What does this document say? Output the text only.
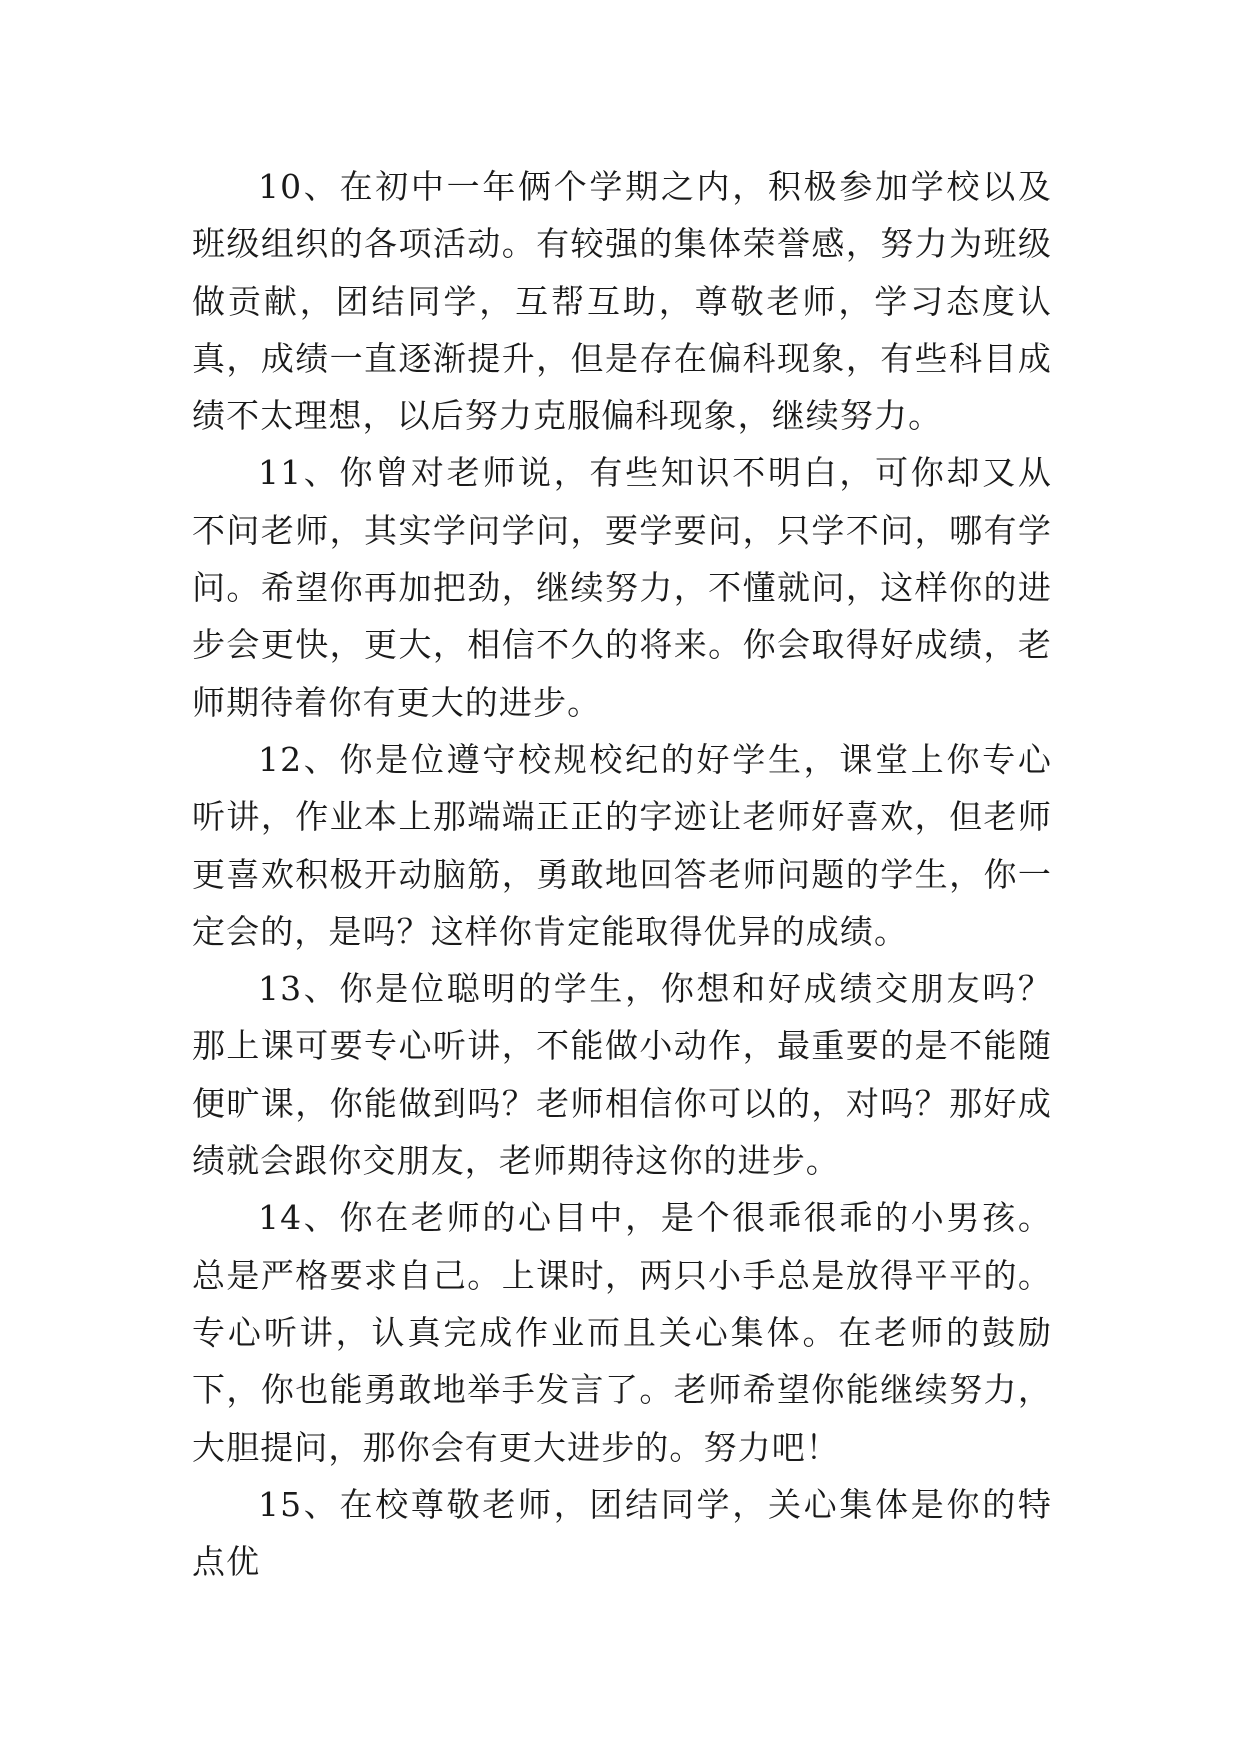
10、在初中一年俩个学期之内，积极参加学校以及班级组织的各项活动。有较强的集体荣誉感，努力为班级做贡献，团结同学，互帮互助，尊敬老师，学习态度认真，成绩一直逐渐提升，但是存在偏科现象，有些科目成绩不太理想，以后努力克服偏科现象，继续努力。

11、你曾对老师说，有些知识不明白，可你却又从不问老师，其实学问学问，要学要问，只学不问，哪有学问。希望你再加把劲，继续努力，不懂就问，这样你的进步会更快，更大，相信不久的将来。你会取得好成绩，老师期待着你有更大的进步。

12、你是位遵守校规校纪的好学生，课堂上你专心听讲，作业本上那端端正正的字迹让老师好喜欢，但老师更喜欢积极开动脑筋，勇敢地回答老师问题的学生，你一定会的，是吗？这样你肯定能取得优异的成绩。

13、你是位聪明的学生，你想和好成绩交朋友吗？那上课可要专心听讲，不能做小动作，最重要的是不能随便旷课，你能做到吗？老师相信你可以的，对吗？那好成绩就会跟你交朋友，老师期待这你的进步。

14、你在老师的心目中，是个很乖很乖的小男孩。总是严格要求自己。上课时，两只小手总是放得平平的。专心听讲，认真完成作业而且关心集体。在老师的鼓励下，你也能勇敢地举手发言了。老师希望你能继续努力，大胆提问，那你会有更大进步的。努力吧！

15、在校尊敬老师，团结同学，关心集体是你的特点优
